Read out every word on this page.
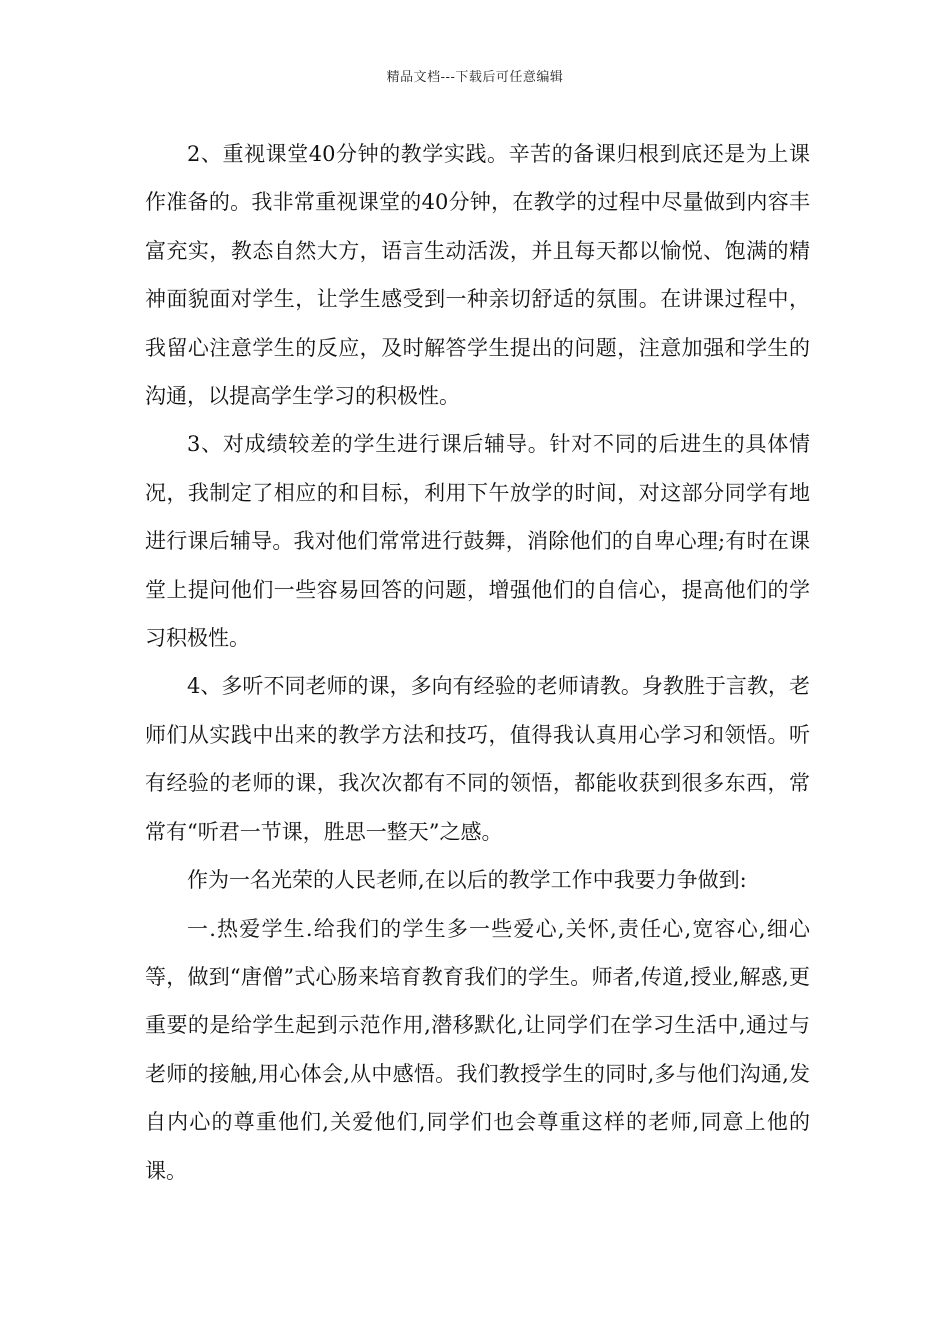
精品文档---下载后可任意编辑

2、重视课堂40分钟的教学实践。辛苦的备课归根到底还是为上课作准备的。我非常重视课堂的40分钟，在教学的过程中尽量做到内容丰富充实，教态自然大方，语言生动活泼，并且每天都以愉悦、饱满的精神面貌面对学生，让学生感受到一种亲切舒适的氛围。在讲课过程中，我留心注意学生的反应，及时解答学生提出的问题，注意加强和学生的沟通，以提高学生学习的积极性。

3、对成绩较差的学生进行课后辅导。针对不同的后进生的具体情况，我制定了相应的和目标，利用下午放学的时间，对这部分同学有地进行课后辅导。我对他们常常进行鼓舞，消除他们的自卑心理;有时在课堂上提问他们一些容易回答的问题，增强他们的自信心，提高他们的学习积极性。

4、多听不同老师的课，多向有经验的老师请教。身教胜于言教，老师们从实践中出来的教学方法和技巧，值得我认真用心学习和领悟。听有经验的老师的课，我次次都有不同的领悟，都能收获到很多东西，常常有“听君一节课，胜思一整天”之感。

作为一名光荣的人民老师,在以后的教学工作中我要力争做到:

一.热爱学生.给我们的学生多一些爱心,关怀,责任心,宽容心,细心等，做到“唐僧”式心肠来培育教育我们的学生。师者,传道,授业,解惑,更重要的是给学生起到示范作用,潜移默化,让同学们在学习生活中,通过与老师的接触,用心体会,从中感悟。我们教授学生的同时,多与他们沟通,发自内心的尊重他们,关爱他们,同学们也会尊重这样的老师,同意上他的课。
